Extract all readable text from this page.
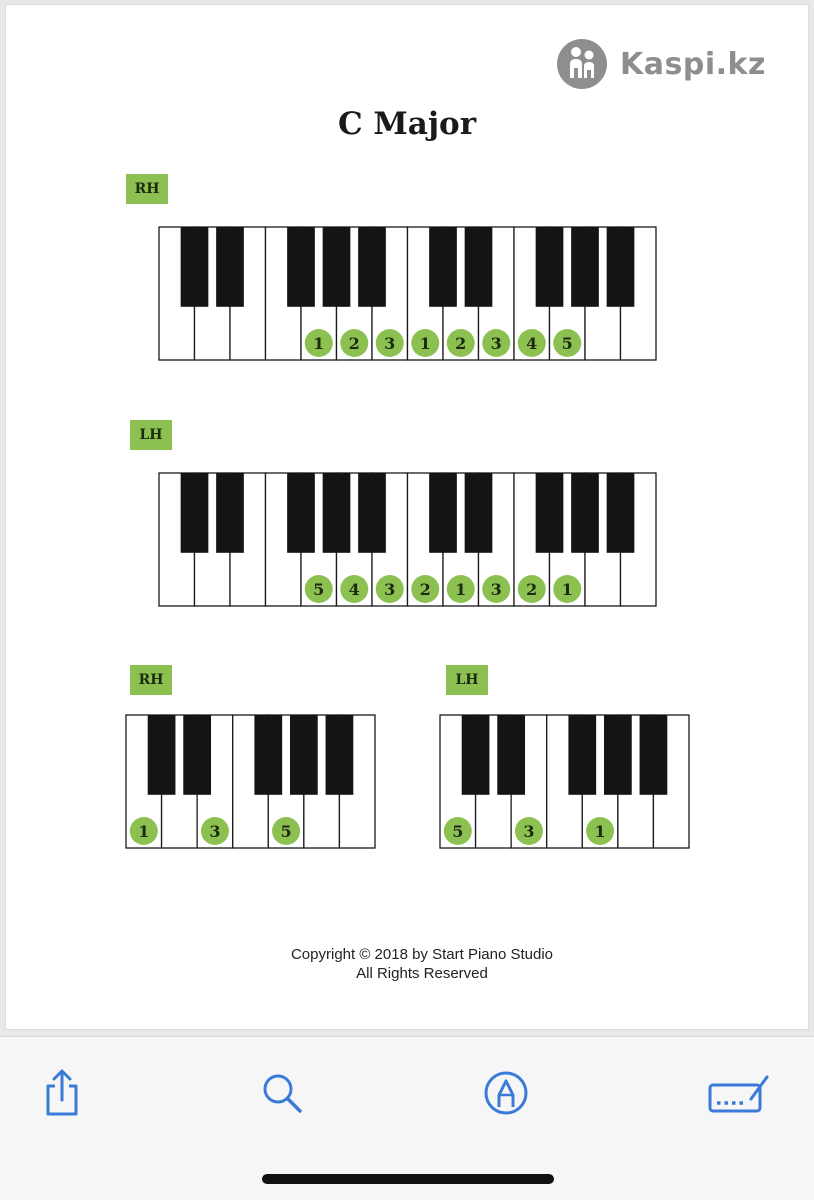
Kaspi.kz
C Major
RH
1 2 3 1 2 3 4 5
LH
5 4 3 2 1 3 2 1
RH
1	3	5
LH
5	3	1
Copyright © 2018 by Start Piano Studio
All Rights Reserved
